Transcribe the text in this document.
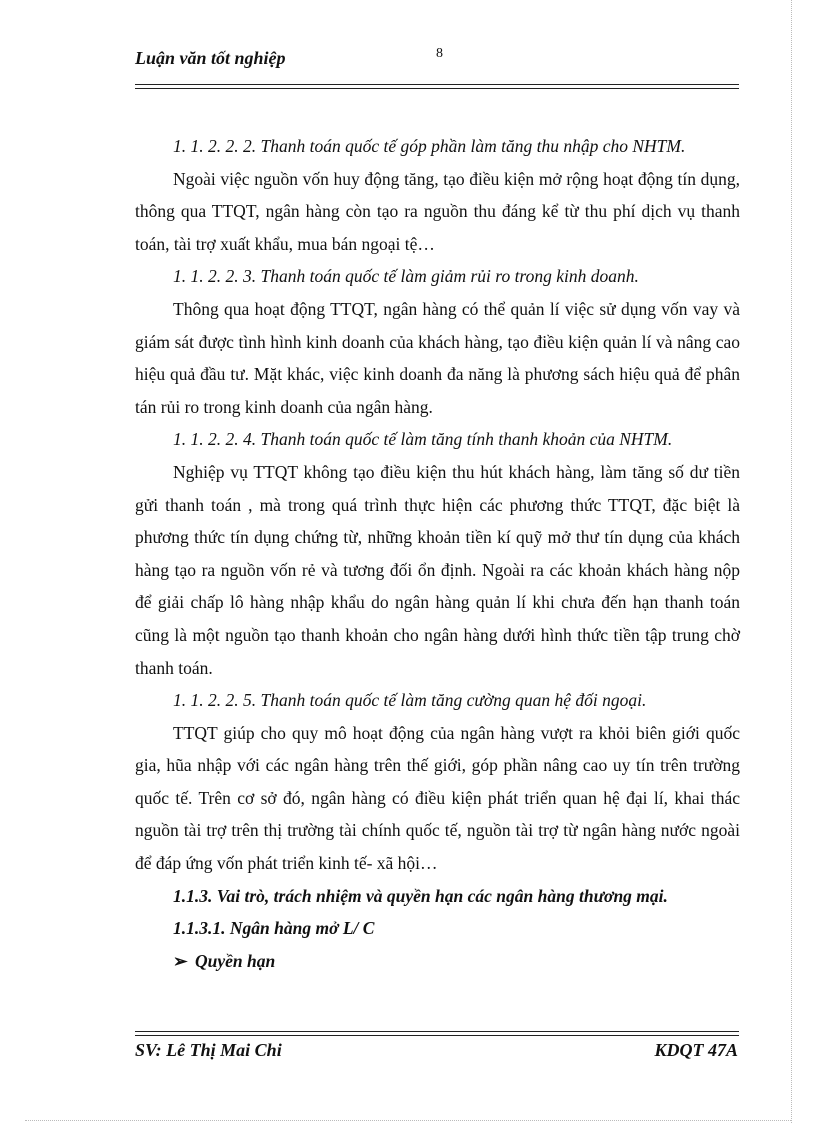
Luận văn tốt nghiệp	8

1. 1. 2. 2. 2. Thanh toán quốc tế góp phần làm tăng thu nhập cho NHTM.

Ngoài việc nguồn vốn huy động tăng, tạo điều kiện mở rộng hoạt động tín dụng, thông qua TTQT, ngân hàng còn tạo ra nguồn thu đáng kể từ thu phí dịch vụ thanh toán, tài trợ xuất khẩu, mua bán ngoại tệ…

1. 1. 2. 2. 3. Thanh toán quốc tế làm giảm rủi ro trong kinh doanh.

Thông qua hoạt động TTQT, ngân hàng có thể quản lí việc sử dụng vốn vay và giám sát được tình hình kinh doanh của khách hàng, tạo điều kiện quản lí và nâng cao hiệu quả đầu tư. Mặt khác, việc kinh doanh đa năng là phương sách hiệu quả để phân tán rủi ro trong kinh doanh của ngân hàng.

1. 1. 2. 2. 4. Thanh toán quốc tế làm tăng tính thanh khoản của NHTM.

Nghiệp vụ TTQT không tạo điều kiện thu hút khách hàng, làm tăng số dư tiền gửi thanh toán , mà trong quá trình thực hiện các phương thức TTQT, đặc biệt là phương thức tín dụng chứng từ, những khoản tiền kí quỹ mở thư tín dụng của khách hàng tạo ra nguồn vốn rẻ và tương đối ổn định. Ngoài ra các khoản khách hàng nộp để giải chấp lô hàng nhập khẩu do ngân hàng quản lí khi chưa đến hạn thanh toán cũng là một nguồn tạo thanh khoản cho ngân hàng dưới hình thức tiền tập trung chờ thanh toán.

1. 1. 2. 2. 5. Thanh toán quốc tế làm tăng cường quan hệ đối ngoại.

TTQT giúp cho quy mô hoạt động của ngân hàng vượt ra khỏi biên giới quốc gia, hũa nhập với các ngân hàng trên thế giới, góp phần nâng cao uy tín trên trường quốc tế. Trên cơ sở đó, ngân hàng có điều kiện phát triển quan hệ đại lí, khai thác nguồn tài trợ trên thị trường tài chính quốc tế, nguồn tài trợ từ ngân hàng nước ngoài để đáp ứng vốn phát triển kinh tế- xã hội…

1.1.3. Vai trò, trách nhiệm và quyền hạn các ngân hàng thương mại.

1.1.3.1. Ngân hàng mở L/ C

➢ Quyền hạn

SV: Lê Thị Mai Chi	KDQT 47A
